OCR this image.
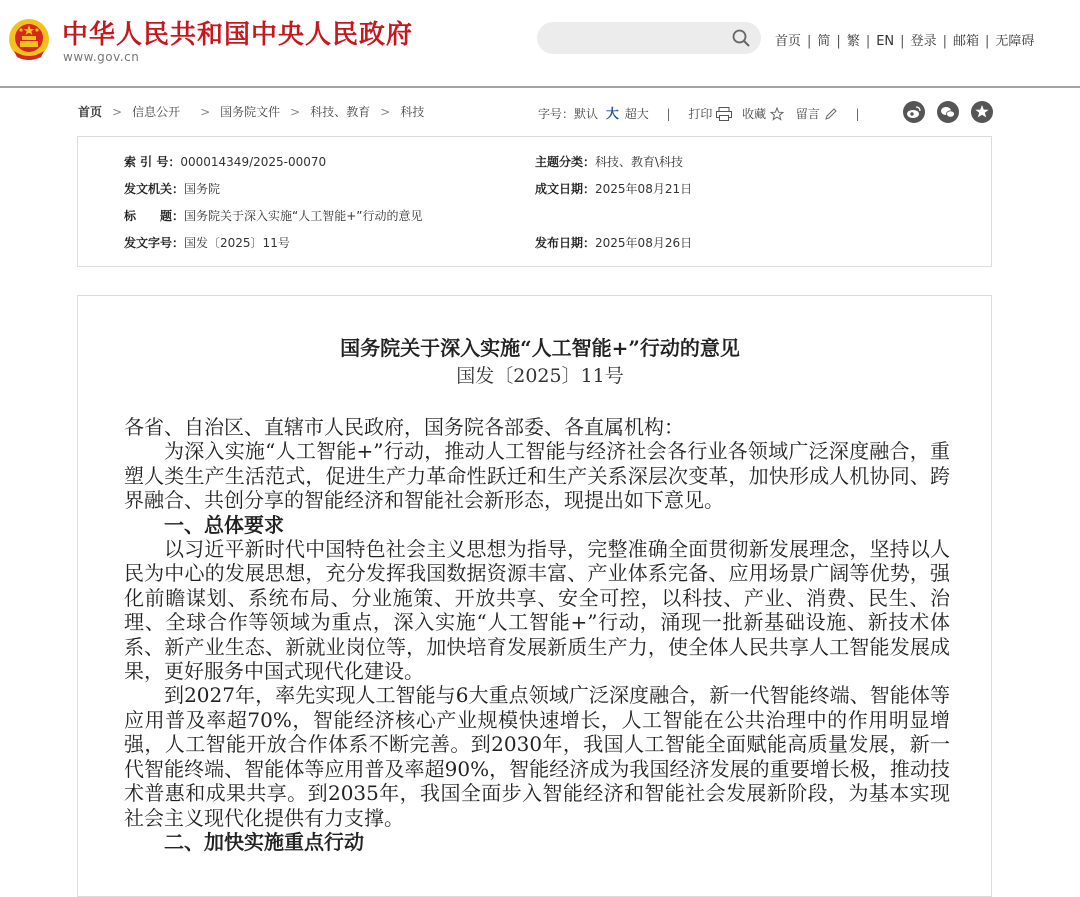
中华人民共和国中央人民政府
www.gov.cn
首页 | 简 | 繁 | EN | 登录 | 邮箱 | 无障碍
首页 > 信息公开 > 国务院文件 > 科技、教育 > 科技	字号：默认 大 超大 | 打印 收藏 留言	|
索 引 号：000014349/2025-00070	主题分类：科技、教育\科技
发文机关：国务院	成文日期：2025年08月21日
标　　题：国务院关于深入实施“人工智能+”行动的意见
发文字号：国发〔2025〕11号	发布日期：2025年08月26日
国务院关于深入实施“人工智能+”行动的意见
国发〔2025〕11号

各省、自治区、直辖市人民政府，国务院各部委、各直属机构：

为深入实施“人工智能+”行动，推动人工智能与经济社会各行业各领域广泛深度融合，重塑人类生产生活范式，促进生产力革命性跃迁和生产关系深层次变革，加快形成人机协同、跨界融合、共创分享的智能经济和智能社会新形态，现提出如下意见。

一、总体要求

以习近平新时代中国特色社会主义思想为指导，完整准确全面贯彻新发展理念，坚持以人民为中心的发展思想，充分发挥我国数据资源丰富、产业体系完备、应用场景广阔等优势，强化前瞻谋划、系统布局、分业施策、开放共享、安全可控，以科技、产业、消费、民生、治理、全球合作等领域为重点，深入实施“人工智能+”行动，涌现一批新基础设施、新技术体系、新产业生态、新就业岗位等，加快培育发展新质生产力，使全体人民共享人工智能发展成果，更好服务中国式现代化建设。

到2027年，率先实现人工智能与6大重点领域广泛深度融合，新一代智能终端、智能体等应用普及率超70%，智能经济核心产业规模快速增长，人工智能在公共治理中的作用明显增强，人工智能开放合作体系不断完善。到2030年，我国人工智能全面赋能高质量发展，新一代智能终端、智能体等应用普及率超90%，智能经济成为我国经济发展的重要增长极，推动技术普惠和成果共享。到2035年，我国全面步入智能经济和智能社会发展新阶段，为基本实现社会主义现代化提供有力支撑。

二、加快实施重点行动
